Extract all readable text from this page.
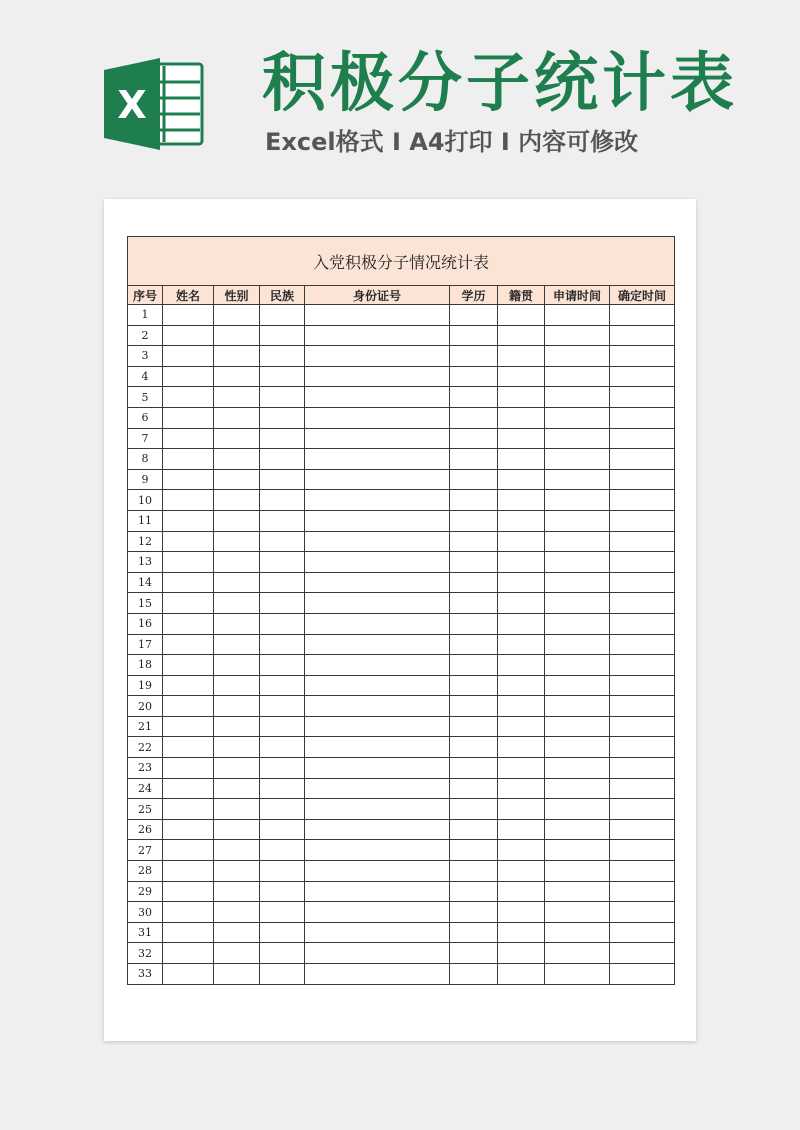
X 积极分子统计表
Excel格式 I A4打印 I 内容可修改
入党积极分子情况统计表								
序号	姓名	性别	民族	身份证号	学历	籍贯	申请时间	确定时间
1								
2								
3								
4								
5								
6								
7								
8								
9								
10								
11								
12								
13								
14								
15								
16								
17								
18								
19								
20								
21								
22								
23								
24								
25								
26								
27								
28								
29								
30								
31								
32								
33								
